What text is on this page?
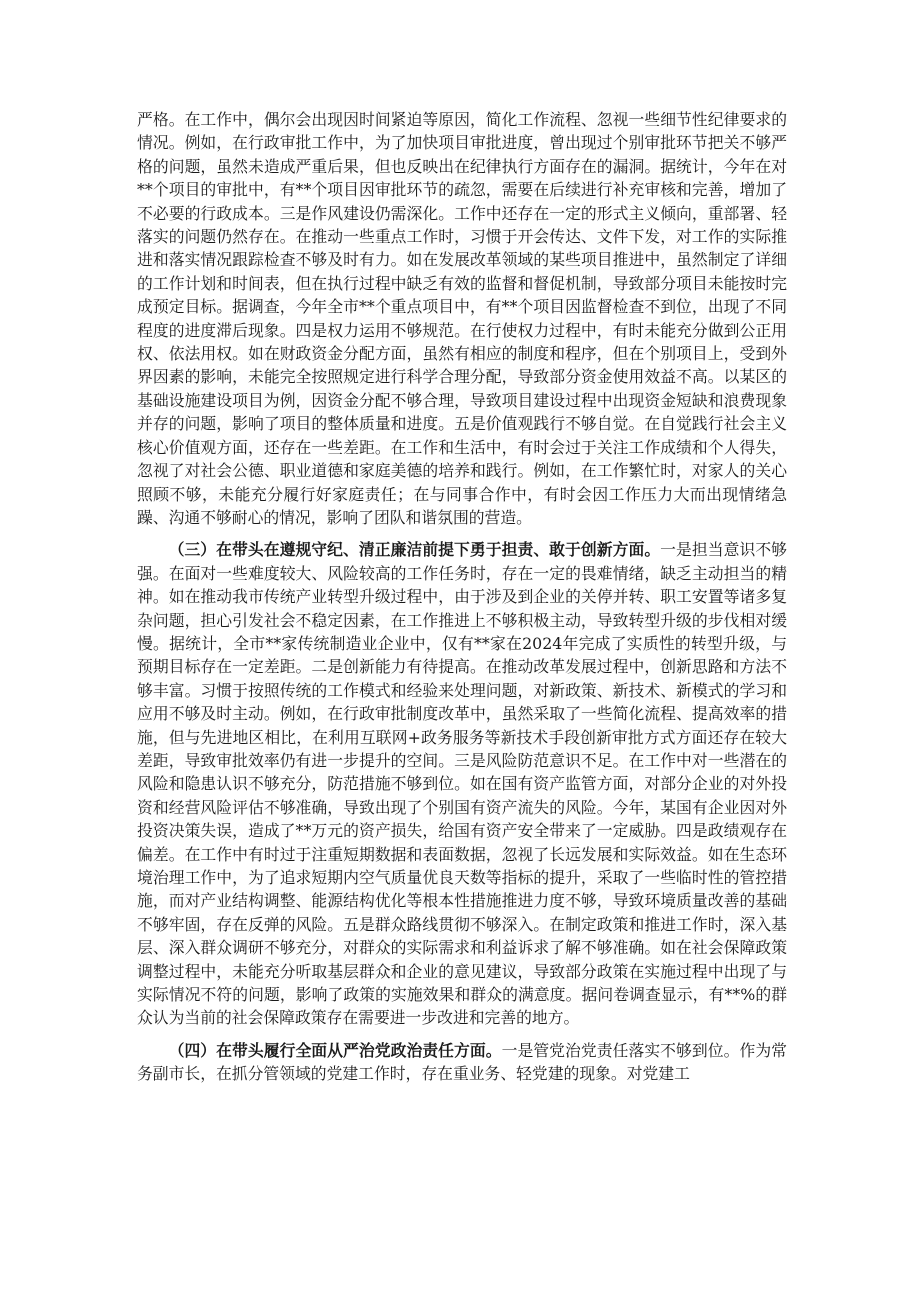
严格。在工作中，偶尔会出现因时间紧迫等原因，简化工作流程、忽视一些细节性纪律要求的情况。例如，在行政审批工作中，为了加快项目审批进度，曾出现过个别审批环节把关不够严格的问题，虽然未造成严重后果，但也反映出在纪律执行方面存在的漏洞。据统计，今年在对**个项目的审批中，有**个项目因审批环节的疏忽，需要在后续进行补充审核和完善，增加了不必要的行政成本。三是作风建设仍需深化。工作中还存在一定的形式主义倾向，重部署、轻落实的问题仍然存在。在推动一些重点工作时，习惯于开会传达、文件下发，对工作的实际推进和落实情况跟踪检查不够及时有力。如在发展改革领域的某些项目推进中，虽然制定了详细的工作计划和时间表，但在执行过程中缺乏有效的监督和督促机制，导致部分项目未能按时完成预定目标。据调查，今年全市**个重点项目中，有**个项目因监督检查不到位，出现了不同程度的进度滞后现象。四是权力运用不够规范。在行使权力过程中，有时未能充分做到公正用权、依法用权。如在财政资金分配方面，虽然有相应的制度和程序，但在个别项目上，受到外界因素的影响，未能完全按照规定进行科学合理分配，导致部分资金使用效益不高。以某区的基础设施建设项目为例，因资金分配不够合理，导致项目建设过程中出现资金短缺和浪费现象并存的问题，影响了项目的整体质量和进度。五是价值观践行不够自觉。在自觉践行社会主义核心价值观方面，还存在一些差距。在工作和生活中，有时会过于关注工作成绩和个人得失，忽视了对社会公德、职业道德和家庭美德的培养和践行。例如，在工作繁忙时，对家人的关心照顾不够，未能充分履行好家庭责任；在与同事合作中，有时会因工作压力大而出现情绪急躁、沟通不够耐心的情况，影响了团队和谐氛围的营造。

（三）在带头在遵规守纪、清正廉洁前提下勇于担责、敢于创新方面。一是担当意识不够强。在面对一些难度较大、风险较高的工作任务时，存在一定的畏难情绪，缺乏主动担当的精神。如在推动我市传统产业转型升级过程中，由于涉及到企业的关停并转、职工安置等诸多复杂问题，担心引发社会不稳定因素，在工作推进上不够积极主动，导致转型升级的步伐相对缓慢。据统计，全市**家传统制造业企业中，仅有**家在2024年完成了实质性的转型升级，与预期目标存在一定差距。二是创新能力有待提高。在推动改革发展过程中，创新思路和方法不够丰富。习惯于按照传统的工作模式和经验来处理问题，对新政策、新技术、新模式的学习和应用不够及时主动。例如，在行政审批制度改革中，虽然采取了一些简化流程、提高效率的措施，但与先进地区相比，在利用互联网+政务服务等新技术手段创新审批方式方面还存在较大差距，导致审批效率仍有进一步提升的空间。三是风险防范意识不足。在工作中对一些潜在的风险和隐患认识不够充分，防范措施不够到位。如在国有资产监管方面，对部分企业的对外投资和经营风险评估不够准确，导致出现了个别国有资产流失的风险。今年，某国有企业因对外投资决策失误，造成了**万元的资产损失，给国有资产安全带来了一定威胁。四是政绩观存在偏差。在工作中有时过于注重短期数据和表面数据，忽视了长远发展和实际效益。如在生态环境治理工作中，为了追求短期内空气质量优良天数等指标的提升，采取了一些临时性的管控措施，而对产业结构调整、能源结构优化等根本性措施推进力度不够，导致环境质量改善的基础不够牢固，存在反弹的风险。五是群众路线贯彻不够深入。在制定政策和推进工作时，深入基层、深入群众调研不够充分，对群众的实际需求和利益诉求了解不够准确。如在社会保障政策调整过程中，未能充分听取基层群众和企业的意见建议，导致部分政策在实施过程中出现了与实际情况不符的问题，影响了政策的实施效果和群众的满意度。据问卷调查显示，有**%的群众认为当前的社会保障政策存在需要进一步改进和完善的地方。

（四）在带头履行全面从严治党政治责任方面。一是管党治党责任落实不够到位。作为常务副市长，在抓分管领域的党建工作时，存在重业务、轻党建的现象。对党建工
